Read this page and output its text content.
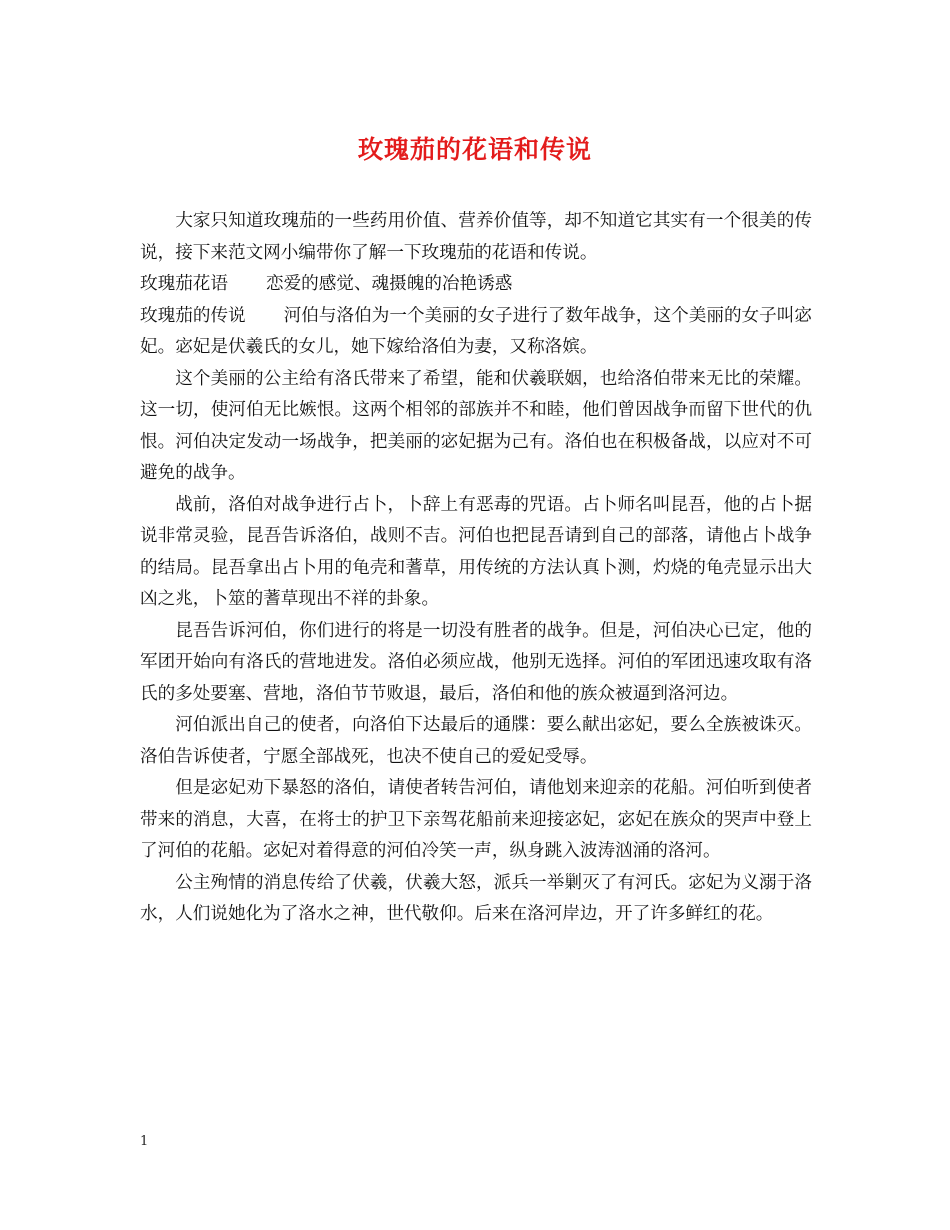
玫瑰茄的花语和传说

大家只知道玫瑰茄的一些药用价值、营养价值等，却不知道它其实有一个很美的传说，接下来范文网小编带你了解一下玫瑰茄的花语和传说。

玫瑰茄花语 恋爱的感觉、魂摄魄的冶艳诱惑

玫瑰茄的传说 河伯与洛伯为一个美丽的女子进行了数年战争，这个美丽的女子叫宓妃。宓妃是伏羲氏的女儿，她下嫁给洛伯为妻，又称洛嫔。

这个美丽的公主给有洛氏带来了希望，能和伏羲联姻，也给洛伯带来无比的荣耀。这一切，使河伯无比嫉恨。这两个相邻的部族并不和睦，他们曾因战争而留下世代的仇恨。河伯决定发动一场战争，把美丽的宓妃据为己有。洛伯也在积极备战，以应对不可避免的战争。

战前，洛伯对战争进行占卜，卜辞上有恶毒的咒语。占卜师名叫昆吾，他的占卜据说非常灵验，昆吾告诉洛伯，战则不吉。河伯也把昆吾请到自己的部落，请他占卜战争的结局。昆吾拿出占卜用的龟壳和蓍草，用传统的方法认真卜测，灼烧的龟壳显示出大凶之兆，卜筮的蓍草现出不祥的卦象。

昆吾告诉河伯，你们进行的将是一切没有胜者的战争。但是，河伯决心已定，他的军团开始向有洛氏的营地进发。洛伯必须应战，他别无选择。河伯的军团迅速攻取有洛氏的多处要塞、营地，洛伯节节败退，最后，洛伯和他的族众被逼到洛河边。

河伯派出自己的使者，向洛伯下达最后的通牒：要么献出宓妃，要么全族被诛灭。洛伯告诉使者，宁愿全部战死，也决不使自己的爱妃受辱。

但是宓妃劝下暴怒的洛伯，请使者转告河伯，请他划来迎亲的花船。河伯听到使者带来的消息，大喜，在将士的护卫下亲驾花船前来迎接宓妃，宓妃在族众的哭声中登上了河伯的花船。宓妃对着得意的河伯冷笑一声，纵身跳入波涛汹涌的洛河。

公主殉情的消息传给了伏羲，伏羲大怒，派兵一举剿灭了有河氏。宓妃为义溺于洛水，人们说她化为了洛水之神，世代敬仰。后来在洛河岸边，开了许多鲜红的花。

1
